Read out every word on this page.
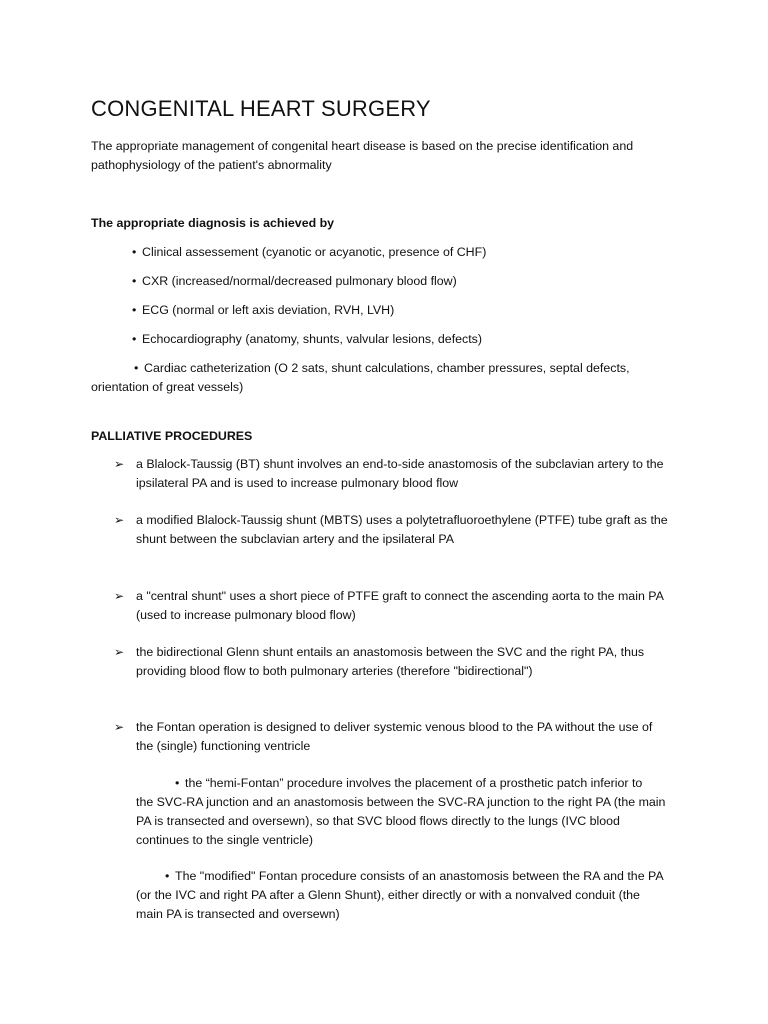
CONGENITAL HEART SURGERY

The appropriate management of congenital heart disease is based on the precise identification and

pathophysiology of the patient's abnormality

The appropriate diagnosis is achieved by

• Clinical assessement (cyanotic or acyanotic, presence of CHF)

• CXR (increased/normal/decreased pulmonary blood flow)

• ECG (normal or left axis deviation, RVH, LVH)

• Echocardiography (anatomy, shunts, valvular lesions, defects)

• Cardiac catheterization (O 2 sats, shunt calculations, chamber pressures, septal defects,

orientation of great vessels)

PALLIATIVE PROCEDURES

➢ a Blalock-Taussig (BT) shunt involves an end-to-side anastomosis of the subclavian artery to the

ipsilateral PA and is used to increase pulmonary blood flow

➢ a modified Blalock-Taussig shunt (MBTS) uses a polytetrafluoroethylene (PTFE) tube graft as the

shunt between the subclavian artery and the ipsilateral PA

➢ a "central shunt" uses a short piece of PTFE graft to connect the ascending aorta to the main PA

(used to increase pulmonary blood flow)

➢ the bidirectional Glenn shunt entails an anastomosis between the SVC and the right PA, thus

providing blood flow to both pulmonary arteries (therefore "bidirectional")

➢ the Fontan operation is designed to deliver systemic venous blood to the PA without the use of

the (single) functioning ventricle

• the “hemi-Fontan” procedure involves the placement of a prosthetic patch inferior to

the SVC-RA junction and an anastomosis between the SVC-RA junction to the right PA (the main

PA is transected and oversewn), so that SVC blood flows directly to the lungs (IVC blood

continues to the single ventricle)

• The "modified" Fontan procedure consists of an anastomosis between the RA and the PA

(or the IVC and right PA after a Glenn Shunt), either directly or with a nonvalved conduit (the

main PA is transected and oversewn)
